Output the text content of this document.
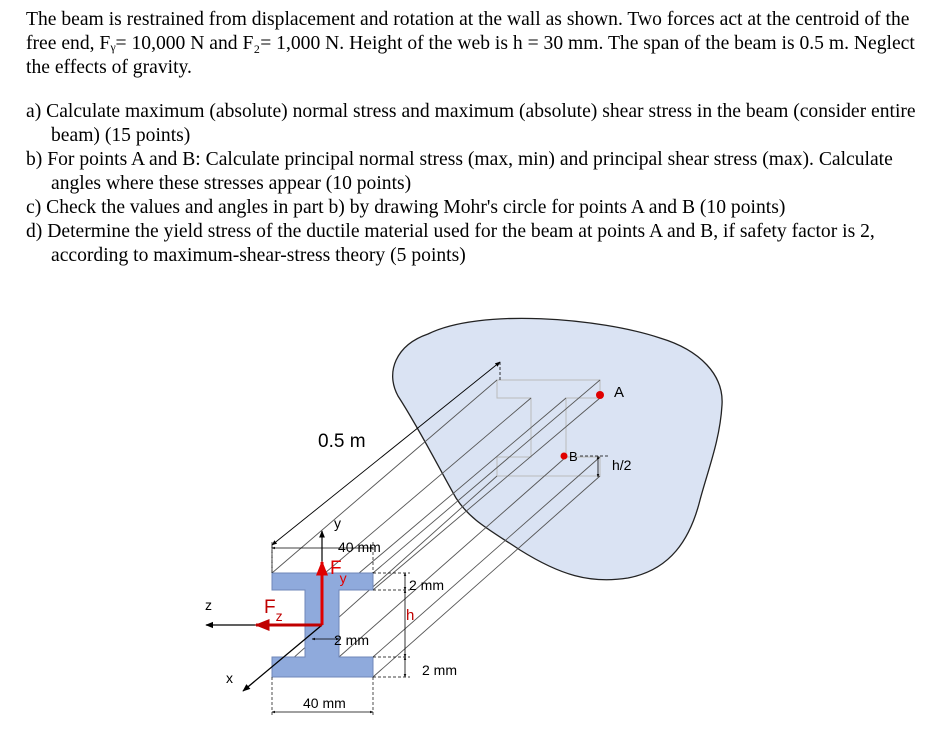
The beam is restrained from displacement and rotation at the wall as shown. Two forces act at the centroid of the free end, Fᵧ= 10,000 N and F₂= 1,000 N. Height of the web is h = 30 mm. The span of the beam is 0.5 m. Neglect the effects of gravity.

a) Calculate maximum (absolute) normal stress and maximum (absolute) shear stress in the beam (consider entire beam) (15 points)

b) For points A and B: Calculate principal normal stress (max, min) and principal shear stress (max). Calculate angles where these stresses appear (10 points)

c) Check the values and angles in part b) by drawing Mohr's circle for points A and B (10 points)

d) Determine the yield stress of the ductile material used for the beam at points A and B, if safety factor is 2, according to maximum-shear-stress theory (5 points)

0.5 m
A
B
h/2
40 mm
40 mm
2 mm
h
2 mm
2 mm
y
z
x
Fy
$F_z$
